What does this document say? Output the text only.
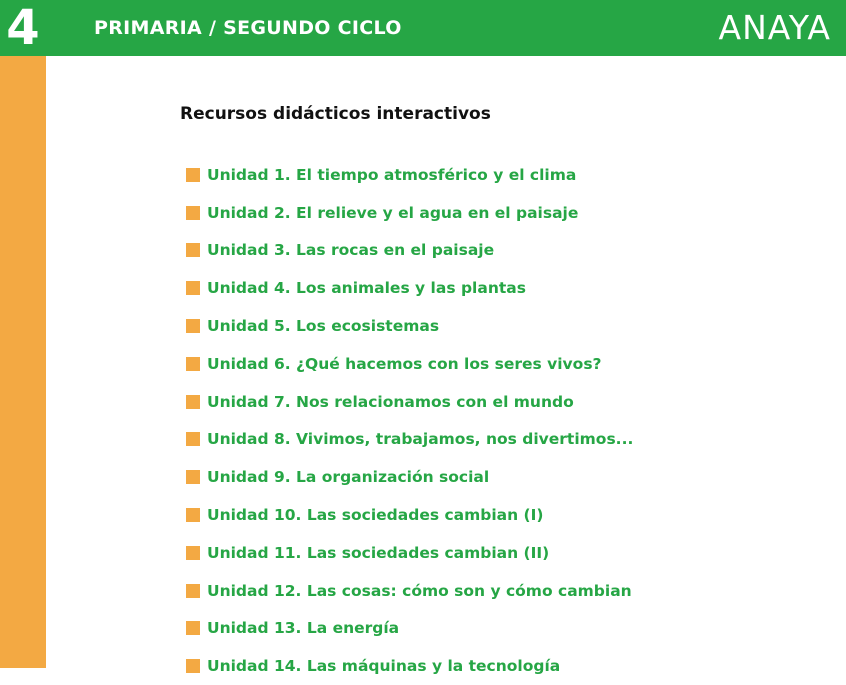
4	PRIMARIA / SEGUNDO CICLO	ANAYA
Recursos didácticos interactivos
Unidad 1. El tiempo atmosférico y el clima
Unidad 2. El relieve y el agua en el paisaje
Unidad 3. Las rocas en el paisaje
Unidad 4. Los animales y las plantas
Unidad 5. Los ecosistemas
Unidad 6. ¿Qué hacemos con los seres vivos?
Unidad 7. Nos relacionamos con el mundo
Unidad 8. Vivimos, trabajamos, nos divertimos...
Unidad 9. La organización social
Unidad 10. Las sociedades cambian (I)
Unidad 11. Las sociedades cambian (II)
Unidad 12. Las cosas: cómo son y cómo cambian
Unidad 13. La energía
Unidad 14. Las máquinas y la tecnología
